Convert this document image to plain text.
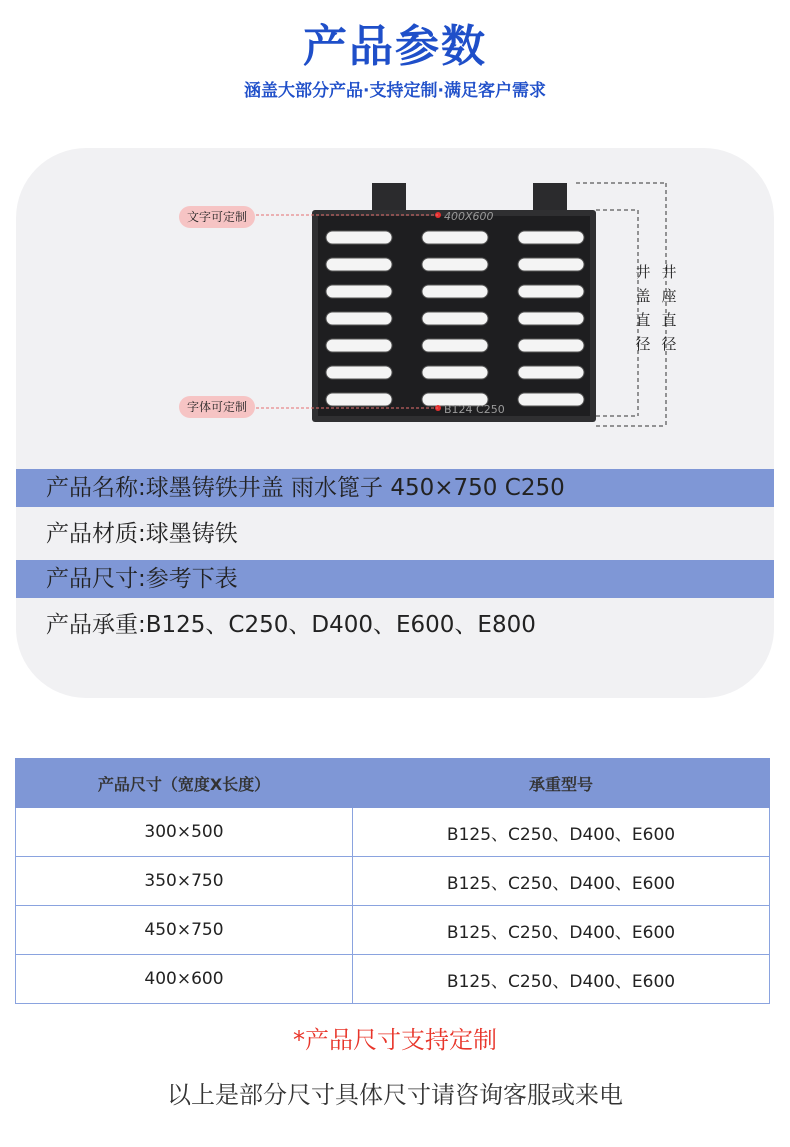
产品参数
涵盖大部分产品·支持定制·满足客户需求
400X600
B124 C250
文字可定制
字体可定制
井
盖
直
径
井
座
直
径
产品名称:球墨铸铁井盖 雨水篦子 450×750 C250
产品材质:球墨铸铁
产品尺寸:参考下表
产品承重:B125、C250、D400、E600、E800
产品尺寸（宽度X长度）	承重型号
300×500	B125、C250、D400、E600
350×750	B125、C250、D400、E600
450×750	B125、C250、D400、E600
400×600	B125、C250、D400、E600
*产品尺寸支持定制
以上是部分尺寸具体尺寸请咨询客服或来电
